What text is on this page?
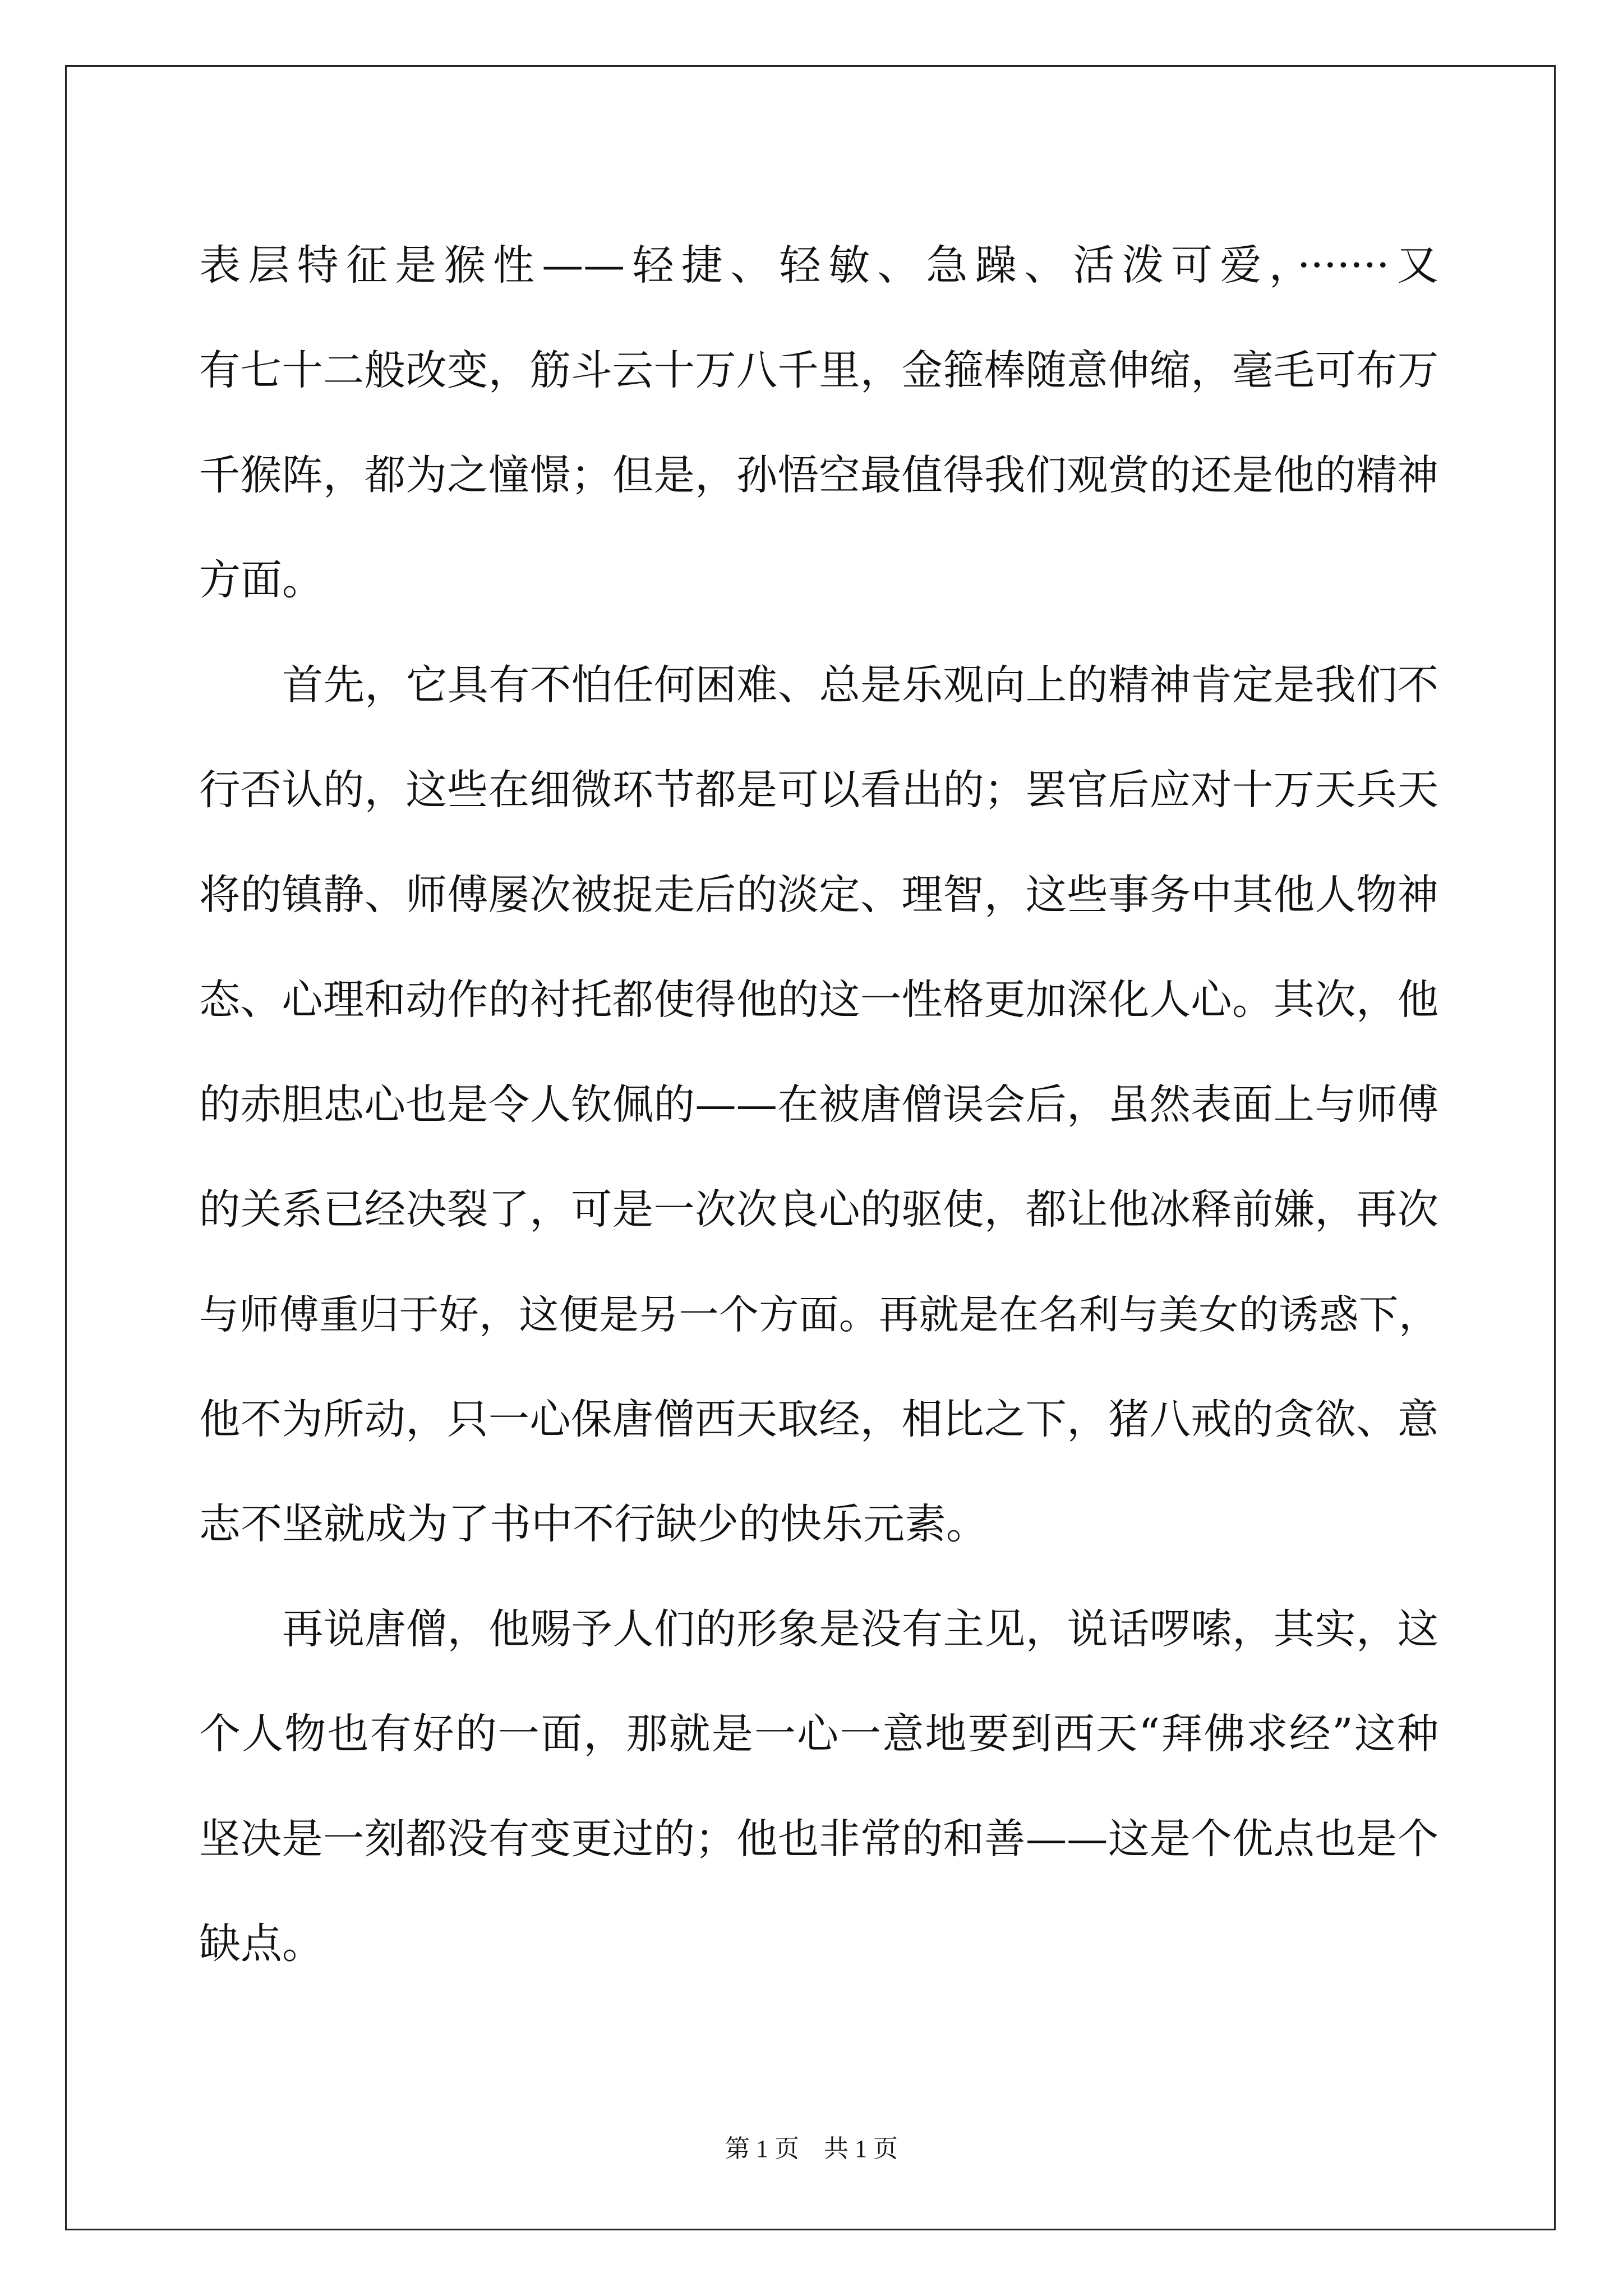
表层特征是猴性——轻捷、轻敏、急躁、活泼可爱，·······又
有七十二般改变，筋斗云十万八千里，金箍棒随意伸缩，毫毛可布万
千猴阵，都为之憧憬；但是，孙悟空最值得我们观赏的还是他的精神
方面。
首先，它具有不怕任何困难、总是乐观向上的精神肯定是我们不
行否认的，这些在细微环节都是可以看出的；罢官后应对十万天兵天
将的镇静、师傅屡次被捉走后的淡定、理智，这些事务中其他人物神
态、心理和动作的衬托都使得他的这一性格更加深化人心。其次，他
的赤胆忠心也是令人钦佩的——在被唐僧误会后，虽然表面上与师傅
的关系已经决裂了，可是一次次良心的驱使，都让他冰释前嫌，再次
与师傅重归于好，这便是另一个方面。再就是在名利与美女的诱惑下，
他不为所动，只一心保唐僧西天取经，相比之下，猪八戒的贪欲、意
志不坚就成为了书中不行缺少的快乐元素。
再说唐僧，他赐予人们的形象是没有主见，说话啰嗦，其实，这
个人物也有好的一面，那就是一心一意地要到西天“拜佛求经”这种
坚决是一刻都没有变更过的；他也非常的和善——这是个优点也是个
缺点。
第 1 页　共 1 页
